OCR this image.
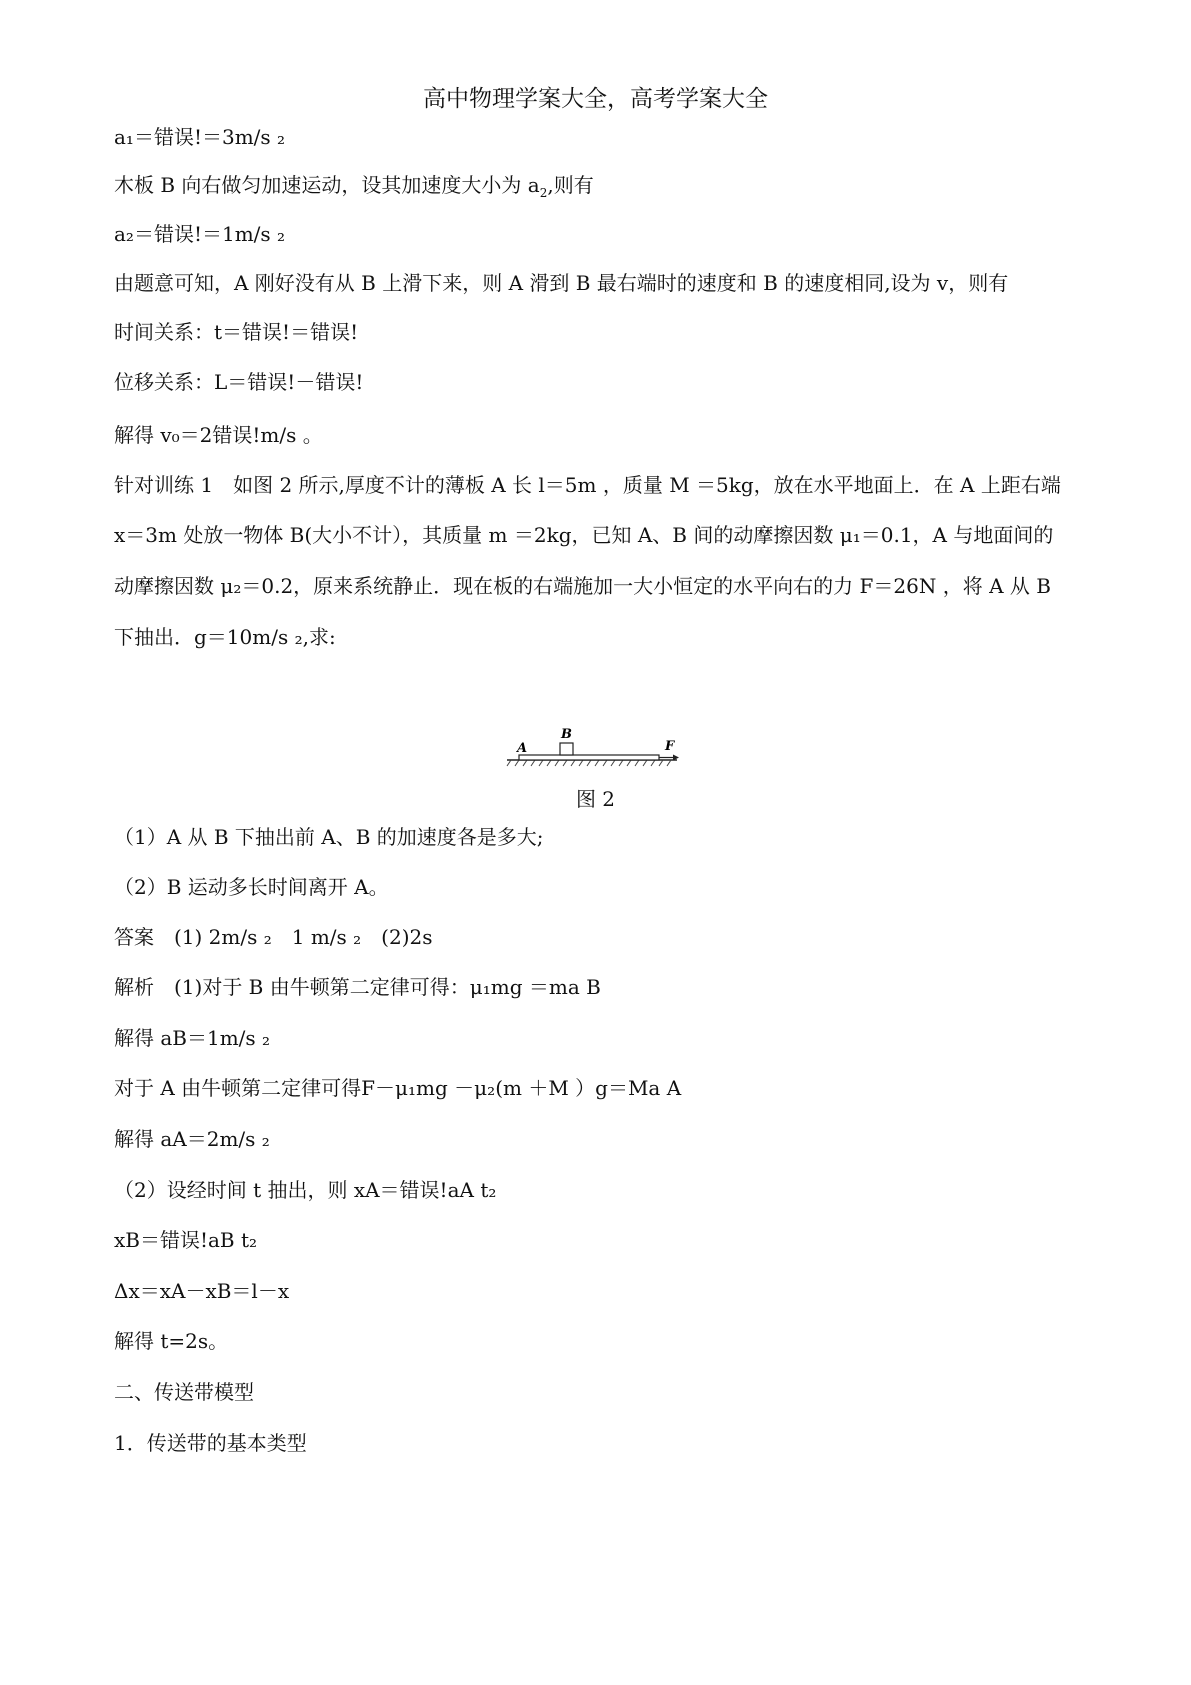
高中物理学案大全，高考学案大全
a₁＝错误!＝3m/s ₂
木板 B 向右做匀加速运动，设其加速度大小为 $a_2$,则有
a₂＝错误!＝1m/s ₂
由题意可知，A 刚好没有从 B 上滑下来，则 A 滑到 B 最右端时的速度和 B 的速度相同,设为 v，则有
时间关系：t＝错误!＝错误!
位移关系：L＝错误!－错误!
解得 v₀＝2错误!m/s 。
针对训练 1　如图 2 所示,厚度不计的薄板 A 长 l＝5m ，质量 M ＝5kg，放在水平地面上．在 A 上距右端
x＝3m 处放一物体 B(大小不计），其质量 m ＝2kg，已知 A、B 间的动摩擦因数 μ₁＝0.1，A 与地面间的
动摩擦因数 μ₂＝0.2，原来系统静止．现在板的右端施加一大小恒定的水平向右的力 F＝26N ，将 A 从 B
下抽出．g＝10m/s ₂,求:
A
B
F
图 2
（1）A 从 B 下抽出前 A、B 的加速度各是多大;
（2）B 运动多长时间离开 A。
答案　(1) 2m/s ₂　1 m/s ₂　(2)2s
解析　(1)对于 B 由牛顿第二定律可得：μ₁mg ＝ma B
解得 aB＝1m/s ₂
对于 A 由牛顿第二定律可得F－μ₁mg －μ₂(m ＋M ）g＝Ma A
解得 aA＝2m/s ₂
（2）设经时间 t 抽出，则 xA＝错误!aA t₂
xB＝错误!aB t₂
Δx＝xA－xB＝l－x
解得 t=2s。
二、传送带模型
1．传送带的基本类型
